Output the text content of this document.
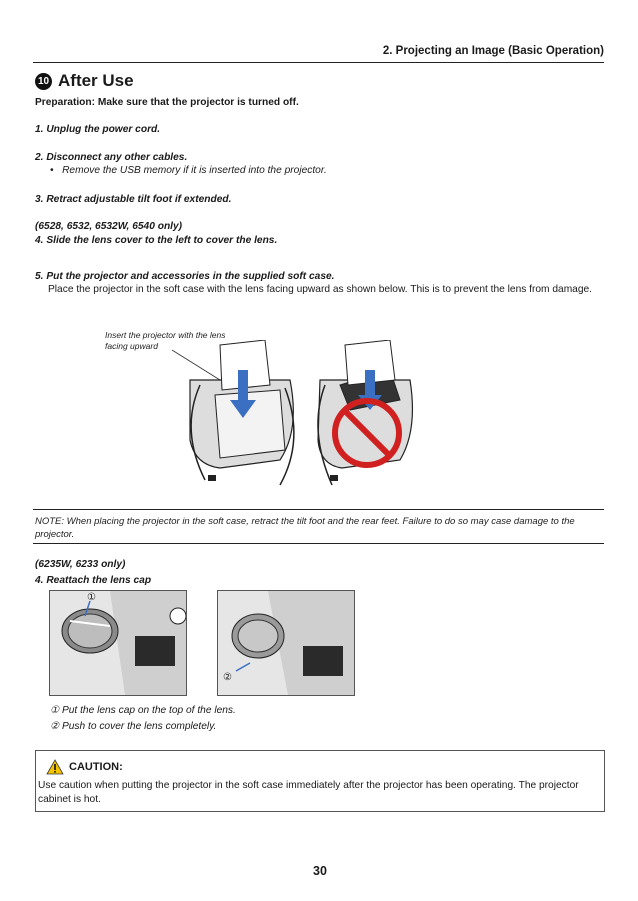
2. Projecting an Image (Basic Operation)
10 After Use
Preparation: Make sure that the projector is turned off.
1. Unplug the power cord.
2. Disconnect any other cables.
• Remove the USB memory if it is inserted into the projector.
3. Retract adjustable tilt foot if extended.
(6528, 6532, 6532W, 6540 only)
4. Slide the lens cover to the left to cover the lens.
5. Put the projector and accessories in the supplied soft case.
Place the projector in the soft case with the lens facing upward as shown below. This is to prevent the lens from damage.
Insert the projector with the lens
facing upward
NOTE: When placing the projector in the soft case, retract the tilt foot and the rear feet. Failure to do so may case damage to the projector.
(6235W, 6233 only)
4. Reattach the lens cap
①
②
① Put the lens cap on the top of the lens.
② Push to cover the lens completely.
CAUTION:
Use caution when putting the projector in the soft case immediately after the projector has been operating. The projector cabinet is hot.
30
